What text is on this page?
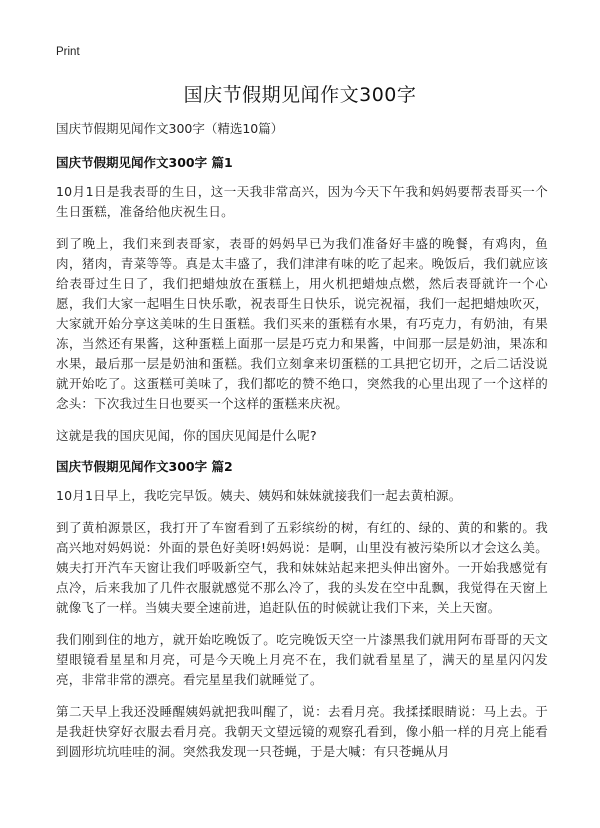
Print
国庆节假期见闻作文300字
国庆节假期见闻作文300字（精选10篇）
国庆节假期见闻作文300字 篇1

10月1日是我表哥的生日，这一天我非常高兴，因为今天下午我和妈妈要帮表哥买一个生日蛋糕，准备给他庆祝生日。

到了晚上，我们来到表哥家，表哥的妈妈早已为我们准备好丰盛的晚餐，有鸡肉，鱼肉，猪肉，青菜等等。真是太丰盛了，我们津津有味的吃了起来。晚饭后，我们就应该给表哥过生日了，我们把蜡烛放在蛋糕上，用火机把蜡烛点燃，然后表哥就许一个心愿，我们大家一起唱生日快乐歌，祝表哥生日快乐，说完祝福，我们一起把蜡烛吹灭，大家就开始分享这美味的生日蛋糕。我们买来的蛋糕有水果，有巧克力，有奶油，有果冻，当然还有果酱，这种蛋糕上面那一层是巧克力和果酱，中间那一层是奶油，果冻和水果，最后那一层是奶油和蛋糕。我们立刻拿来切蛋糕的工具把它切开，之后二话没说就开始吃了。这蛋糕可美味了，我们都吃的赞不绝口，突然我的心里出现了一个这样的念头：下次我过生日也要买一个这样的蛋糕来庆祝。

这就是我的国庆见闻，你的国庆见闻是什么呢?

国庆节假期见闻作文300字 篇2

10月1日早上，我吃完早饭。姨夫、姨妈和妹妹就接我们一起去黄柏源。

到了黄柏源景区，我打开了车窗看到了五彩缤纷的树，有红的、绿的、黄的和紫的。我高兴地对妈妈说：外面的景色好美呀!妈妈说：是啊，山里没有被污染所以才会这么美。姨夫打开汽车天窗让我们呼吸新空气，我和妹妹站起来把头伸出窗外。一开始我感觉有点冷，后来我加了几件衣服就感觉不那么冷了，我的头发在空中乱飘，我觉得在天窗上就像飞了一样。当姨夫要全速前进，追赶队伍的时候就让我们下来，关上天窗。

我们刚到住的地方，就开始吃晚饭了。吃完晚饭天空一片漆黑我们就用阿布哥哥的天文望眼镜看星星和月亮，可是今天晚上月亮不在，我们就看星星了，满天的星星闪闪发亮，非常非常的漂亮。看完星星我们就睡觉了。

第二天早上我还没睡醒姨妈就把我叫醒了，说：去看月亮。我揉揉眼睛说：马上去。于是我赶快穿好衣服去看月亮。我朝天文望远镜的观察孔看到，像小船一样的月亮上能看到圆形坑坑哇哇的洞。突然我发现一只苍蝇，于是大喊：有只苍蝇从月
